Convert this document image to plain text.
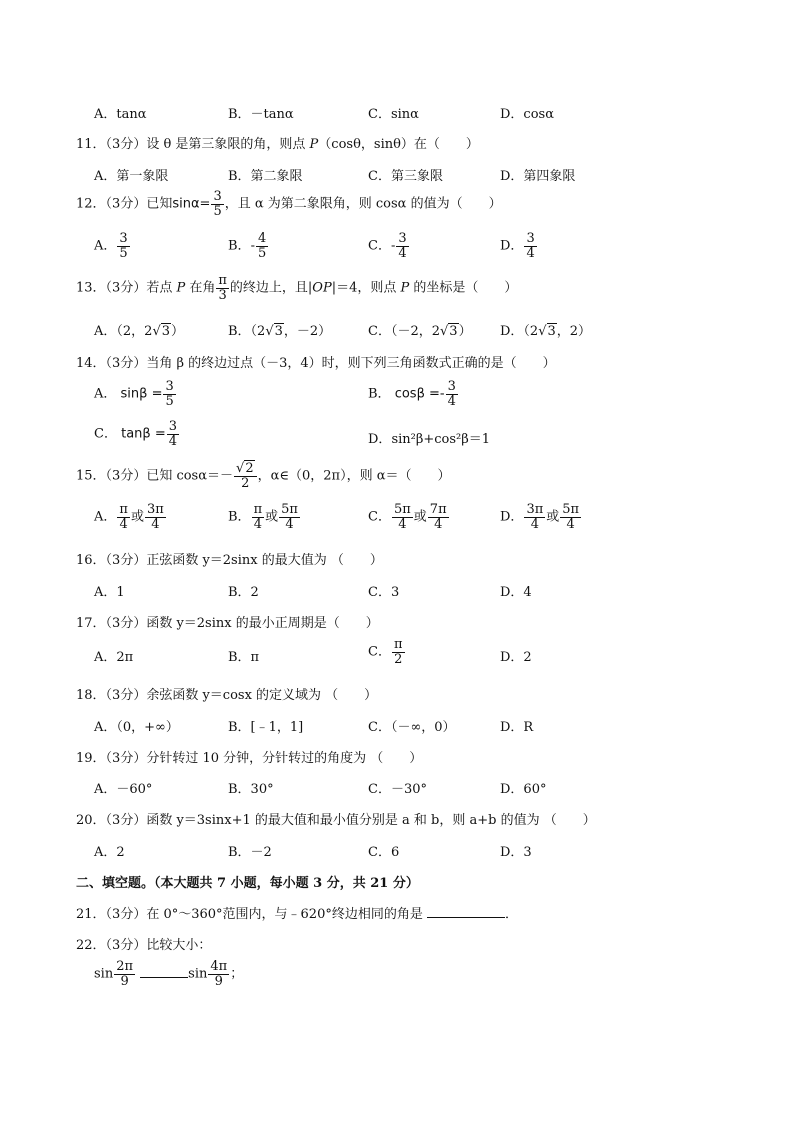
A．tanα	B．－tanα	C．sinα	D．cosα
11．（3分）设 θ 是第三象限的角，则点 P（cosθ，sinθ）在（　　）
A．第一象限	B．第二象限	C．第三象限	D．第四象限
12．（3分）已知$\sin\alpha= \frac{3}{5}$ ，且 α 为第二象限角，则 cosα 的值为（　　）
A． $\frac{3}{5}$	B．- $\frac{4}{5}$	C．- $\frac{3}{4}$	D． $\frac{3}{4}$
13．（3分）若点 P 在角 $\frac{\pi}{3}$ 的终边上，且|OP|＝4，则点 P 的坐标是（　　）
A．（2，2√3）	B．（2√3，－2）	C．（－2，2√3） D．（2√3，2）
14．（3分）当角 β 的终边过点（－3，4）时，则下列三角函数式正确的是（　　）
A． $\sin\beta = \frac{3}{5}$	B． $\cos\beta =- \frac{3}{4}$
C． $\tan\beta = \frac{3}{4}$	D．sin²β+cos²β＝1
15．（3分）已知 $\cos\alpha=- \frac{√2}{2}$ ，α∈（0，2π），则 α＝（　　）
A． $\frac{\pi}{4}$ 或 $\frac{3\pi}{4}$	B． $\frac{\pi}{4}$ 或 $\frac{5\pi}{4}$	C． $\frac{5\pi}{4}$ 或 $\frac{7\pi}{4}$	D． $\frac{3\pi}{4}$ 或 $\frac{5\pi}{4}$
16．（3分）正弦函数 y＝2sinx 的最大值为 （　　）
A．1	B．2	C．3	D．4
17．（3分）函数 y＝2sinx 的最小正周期是（　　）
A．2π	B．π	C． $\frac{\pi}{2}$	D．2
18．（3分）余弦函数 y＝cosx 的定义域为 （　　）
A．（0，+∞）	B．[﹣1，1]	C．（－∞，0）	D．R
19．（3分）分针转过 10 分钟，分针转过的角度为 （　　）
A．－60°	B．30°	C．－30°	D．60°
20．（3分）函数 y＝3sinx+1 的最大值和最小值分别是 a 和 b，则 a+b 的值为 （　　）
A．2	B．－2	C．6	D．3
二、填空题。（本大题共 7 小题，每小题 3 分，共 21 分）
21．（3分）在 0°～360°范围内，与﹣620°终边相同的角是	．
22．（3分）比较大小：
$\sin \frac{2\pi}{9}$	$\sin \frac{4\pi}{9}$ ；
